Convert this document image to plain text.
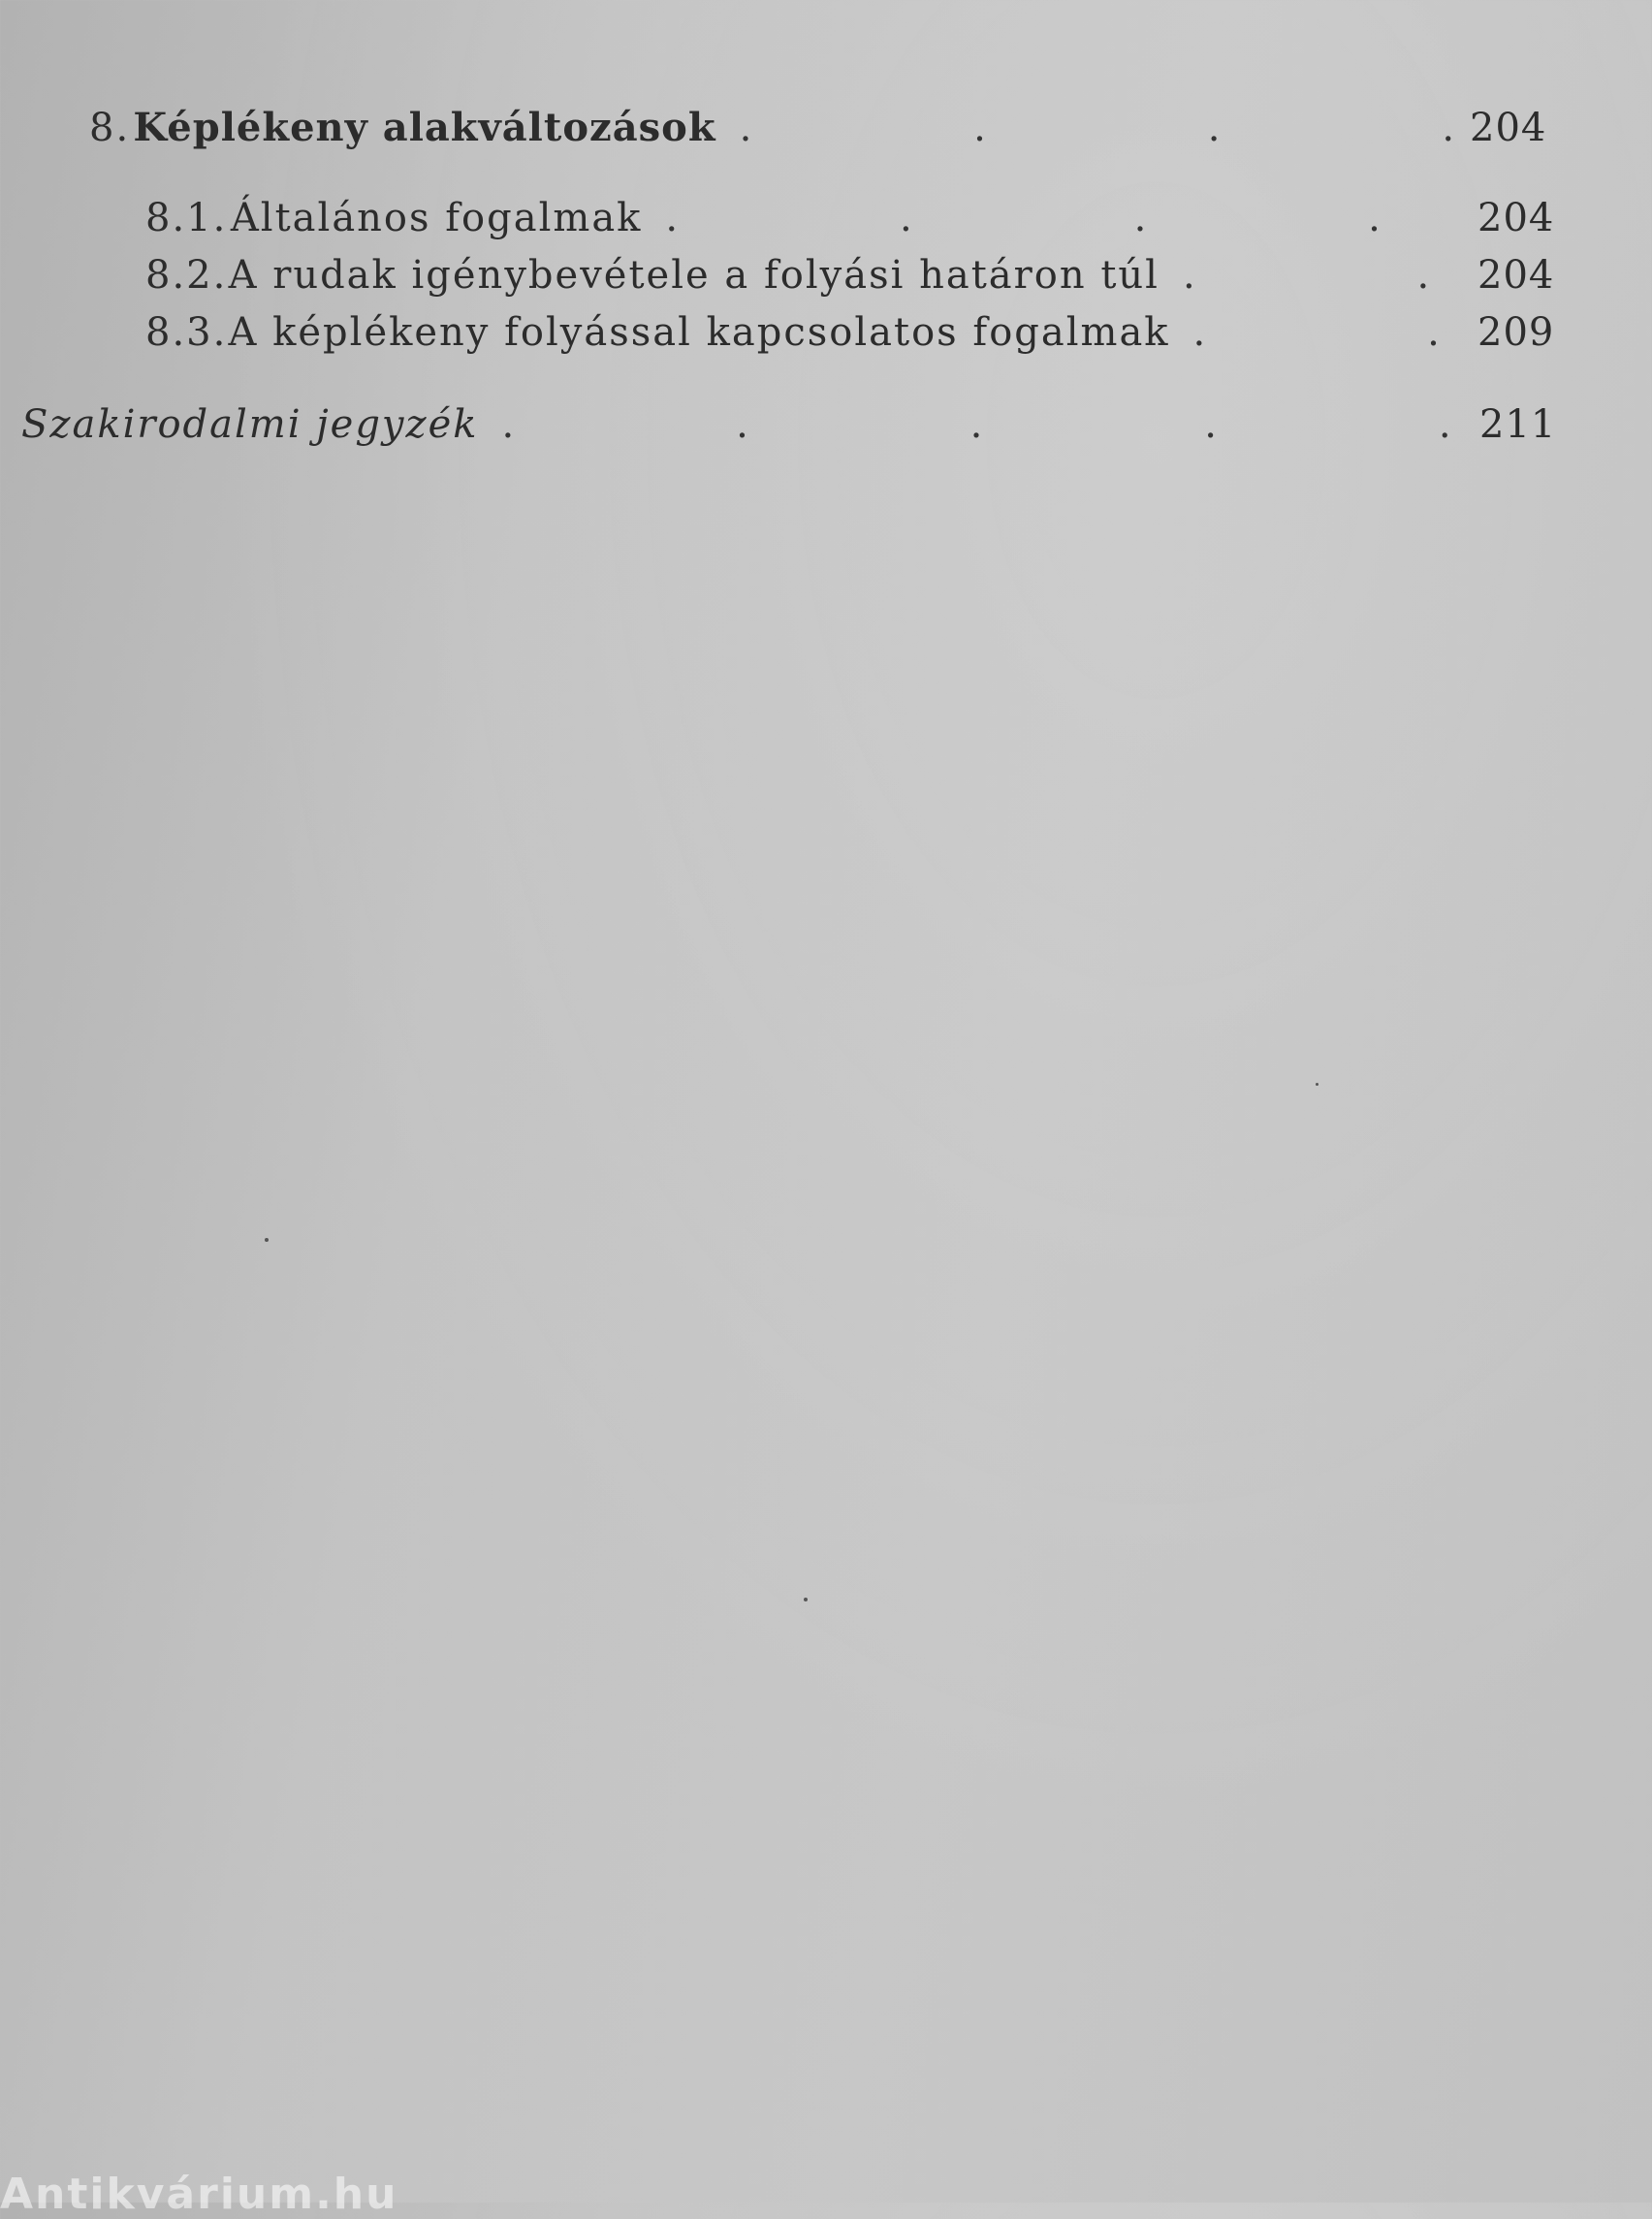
8. Képlékeny alakváltozások .	204
8.1. Általános fogalmak .	204
8.2. A rudak igénybevétele a folyási határon túl .	204
8.3. A képlékeny folyással kapcsolatos fogalmak .	209
Szakirodalmi jegyzék .	211
Antikvárium.hu
